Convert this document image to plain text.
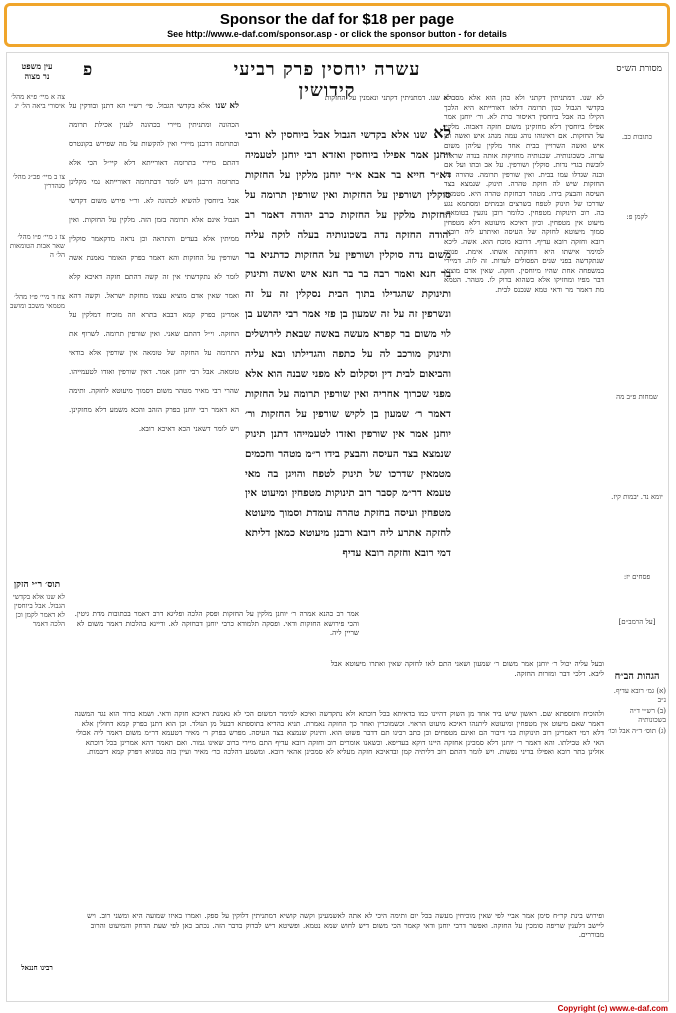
Sponsor the daf for $18 per page
See http://www.e-daf.com/sponsor.asp - or click the sponsor button - for details
מסורת הש״ס
עשרה יוחסין פרק רביעי קידושין
פ
לא שנו. דמתניתין דקתני ונאמנין על החזקות
לא שנו אלא בקדשי הגבול אבל ביוחסין לא ורבי יוחנן אמר אפילו ביוחסין ואזדא רבי יוחנן לטעמיה דא״ר חייא בר אבא א״ר יוחנן מלקין על החזקות סוקלין ושורפין על החזקות ואין שורפין תרומה על החזקות מלקין על החזקות כרב יהודה דאמר רב יהודה החזקה נדה בשכונותיה בעלה לוקה עליה משום נדה סוקלין ושורפין על החזקות כדתניא בר בר חנא ואמר רבה בר בר חנא איש ואשה ותינוק ותינוקת שהגדילו בתוך הבית נסקלין זה על זה ונשרפין זה על זה שמעון בן פזי אמר רבי יהושע בן לוי משום בר קפרא מעשה באשה שבאת לירושלים ותינוק מורכב לה על כתפה והגדילתו ובא עליה והביאום לבית דין וסקלום לא מפני שבנה הוא אלא מפני שכרוך אחריה ואין שורפין תרומה על החזקות דאמר ר׳ שמעון בן לקיש שורפין על החזקות ור׳ יוחנן אמר אין שורפין ואזדו לטעמייהו דתנן תינוק שנמצא בצד העיסה והבצק בידו ר״מ מטהר וחכמים מטמאין שדרכו של תינוק לטפח והויגן בה מאי טעמא דר״מ קסבר רוב תינוקות מטפחין ומיעוט אין מטפחין ועיסה בחזקת טהרה עומדת וסמוך מיעוטא לחזקה אתרע ליה רובא ורבנן מיעוטא כמאן דליתא דמי רובא וחזקה רובא עדיף
לא שנו. דמתניתין דקתני ולא כהן הוא אלא מסברא בקדשי הגבול כגון תרומה דלאו דאורייתא היא הלכך הקילו בה אבל ביוחסין דאיסור כרת לא. ור׳ יוחנן אמר אפילו ביוחסין דלא מחזקינן משום חזקה דאבוה. מלקין על החזקות. אם ראינוהו נוהג עמה מנהג איש ואשה וכן איש ואשה השרויין בבית אחד מלקין עליהן משום ערוה. כשכונותיה. שכנותיה מחזיקות אותה בנדה שראוה לובשת בגדי נדות. סוקלין ושורפין. על אב ובתו ועל אם ובנה שגדלו עמו בבית. ואין שורפין תרומה. טהורה על החזקות שיש לה חזקת טהרה. תינוק. שנמצא בצד העיסה והבצק בידו. מטהר דבחזקת טהרה היא. מטמאין שדרכו של תינוק לטפח בשרצים ובמתים ומסתמא נגע בה. רוב תינוקות מטפחין. כלומר רובן נוגעין בטומאה. מיעוט אין מטפחין. וכיון דאיכא מיעוטא דלא מטפחין סמוך מיעוטא לחזקה של העיסה ואיתרע ליה רובא. רובא וחזקה רובא עדיף. דרובא מוכח הוא. אשה. ליכא למימר אישתו היא דחזקתה אשתו. אימת. פנויה שנתקדשה בפני שנים הפסולים לעדות. זה לזה. דמיירי במשפחה אחת שהיו מיוחסין. חזקה. שאין אדם מוציא דבר מפיו ומחזיקו אלא כשהוא בדוק לו. מטהר. הטמא מת דאמר מר ודאי טמא שנכנס לבית.
לא שנו אלא בקדשי הגבול. פי׳ רש״י הא דתנן ובודקין על הכהונה ומתניתין מיירי בכהונה לענין אכילת תרומה ובתרומה דרבנן מיירי ואין להקשות על מה שפירש בקונטרס דהתם מיירי בתרומה דאורייתא דלא קיי״ל הכי אלא בתרומה דרבנן ויש לומר דבתרומה דאורייתא נמי מקלינן אבל ביוחסין להשיא לכהונה לא. ור״י פירש משום דקדשי הגבול אינם אלא תרומה בזמן הזה. מלקין על החזקות. ואין ממיתין אלא בעדים והתראה וכן נראה מדקאמר סוקלין ושורפין על החזקות והא דאמר בפרק האומר נאמנת אשה לומר לא נתקדשתי אין זה קשה דהתם חזקה דאיכא קלא ואמר שאין אדם מוציא עצמו מחזקת ישראל. וקשה דהא אמרינן בפרק קמא דבבא בתרא וזה מוכיח דמלקין על החזקה. וי״ל דהתם שאני. ואין שורפין תרומה. לשרוף את התרומה על החזקה של טומאה אין שורפין אלא בודאי טומאה. אבל רבי יוחנן אמר. דאין שורפין ואזדו לטעמייהו. שהרי רבי מאיר מטהר משום דסמוך מיעוטא לחזקה. ותימה הא דאמר רבי יוחנן בפרק הזהב והכא משמע דלא מחזקינן. ויש לומר דשאני הכא דאיכא רובא.
אמר רב כהנא אמרה ר׳ יוחנן מלקין על החזקות ופסק הלכה ופליגא דרב דאמר בכתובות מדת גיטין. והכי פירושא החזקות ודאי. ופסקה תלמודא כרבי יוחנן דבחזקה לא. ודיינא בהלכות דאמר משום לא שריין ליה.
ובעל עליה יכול ר׳ יוחנן אמר משום ר׳ שמעון ושאני התם לאו לחזקה שאין ואתרו מיעוטא אבל ליבא. דלכי דבר ומזרות החזקה.
ולהוכיח ותוספתא שם. ראשון שיש ביד אחד מן השוק דהיינו כמו בדאיתא בכל דוכתא ולא נתקדשה ואיכא למימר דמשום הכי לא נאמנת דאיכא חזקה ודאי. ושמא ברור הוא נגד המשנה דאמר שאם מיעוט אין מטפחין ומיעוטא ליתנהו דאיכא מיעוט הראוי. וכשמוכרין ואחר כך החזקה נאמרת. תניא בהדיא בתוספתא דבעל מן הנולד. וכן הוא דתנן בפרק קמא דחולין אלא דלא רמי דאמרינן רוב תינוקות בני דיבור הם ואינם מטפחים וכן כתב רבינו תם דדבר פשוט הוא. ותינוק שנמצא בצד העיסה. מפרש בפרק ר׳ מאיר דטעמא דר״מ משום דאמר ליה אכולי האי לא טבילתו. והא דאמר ר׳ יוחנן דלא סמכינן אחזקה היינו דוקא בעדיפא. וכשאנו אומרים רוב וחזקה רובא עדיף התם מיירי ברוב שאינו גמור. ואם תאמר דהא אמרינן בכל דוכתא אזלינן בתר רובא ואפילו בדיני נפשות. ויש לומר דהתם רוב דליתיה קמן ובדאיכא חזקה מעליא לא סמכינן אהאי רובא. ומשמע דהלכה כר׳ מאיר ועיין בזה בסוגיא דפרק קמא דיבמות.
ופירוש בינת קר״ח סימן אמר אביי לפי שאין מוכיחין מעשה בכל יום ותימה היכי לא אתה לאשמעינן וקשה קושיא דמתניתין דלוקין על ספק. ואמרו באיזו שמועה היא ומשני רוב. ויש ליישב דלענין שריפה סומכין על החזקה. ואפשר דרבי יוחנן ודאי קאמר הכי משום דיש לחוש שמא נטמא. ופשיטא דיש לבדוק בדבר הזה. נכתב כאן לפי שעת הדחק והמיעוט והרוב מבוררים.
כתובות כב.
לקמן פ:
שמחות פ״ב מה
יומא נד. יבמות קיז.
פסחים יז:
[על הרמב״ם]
הגהות הב״ח
(א) גמ׳ רובא עדיף. נ״ב
(ב) רש״י ד״ה בשכונותיה
(ג) תוס׳ ד״ה אבל וכו׳
עין משפט
נר מצוה
צה א מיי׳ פ״א מהל׳ איסורי ביאה הל׳ יג
צו ב מיי׳ פכ״ג מהל׳ סנהדרין
צז ג מיי׳ פ״ו מהל׳ שאר אבות הטומאות הל׳ ה
צח ד מיי׳ פ״ז מהל׳ מטמאי משכב ומושב
תוס׳ ר״י הזקן
לא שנו אלא בקדשי הגבול. אבל ביוחסין לא דאמר לקמן וכן הלכה דאמר
רבינו חננאל
Copyright (c) www.e-daf.com
